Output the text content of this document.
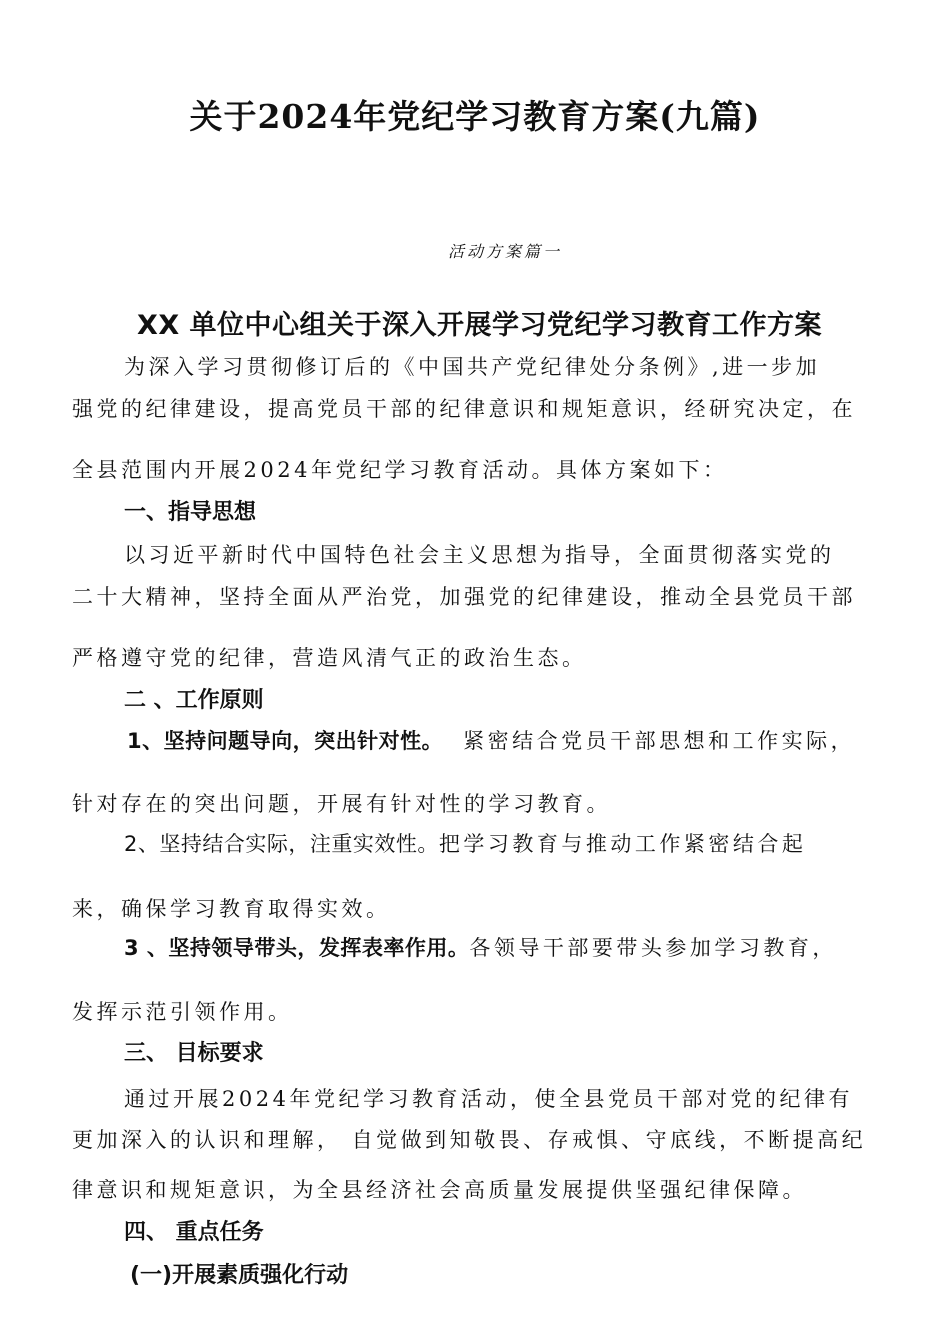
关于2024年党纪学习教育方案(九篇)
活动方案篇一
XX 单位中心组关于深入开展学习党纪学习教育工作方案
为深入学习贯彻修订后的《中国共产党纪律处分条例》,进一步加
强党的纪律建设，提高党员干部的纪律意识和规矩意识，经研究决定，在
全县范围内开展2024年党纪学习教育活动。具体方案如下：
一、指导思想
以习近平新时代中国特色社会主义思想为指导，全面贯彻落实党的
二十大精神，坚持全面从严治党，加强党的纪律建设，推动全县党员干部
严格遵守党的纪律，营造风清气正的政治生态。
二 、工作原则
1、坚持问题导向，突出针对性。 紧密结合党员干部思想和工作实际，
针对存在的突出问题，开展有针对性的学习教育。
2、坚持结合实际，注重实效性。把学习教育与推动工作紧密结合起
来，确保学习教育取得实效。
3 、坚持领导带头，发挥表率作用。各领导干部要带头参加学习教育，
发挥示范引领作用。
三、 目标要求
通过开展2024年党纪学习教育活动，使全县党员干部对党的纪律有
更加深入的认识和理解， 自觉做到知敬畏、存戒惧、守底线，不断提高纪
律意识和规矩意识，为全县经济社会高质量发展提供坚强纪律保障。
四、 重点任务
(一)开展素质强化行动
